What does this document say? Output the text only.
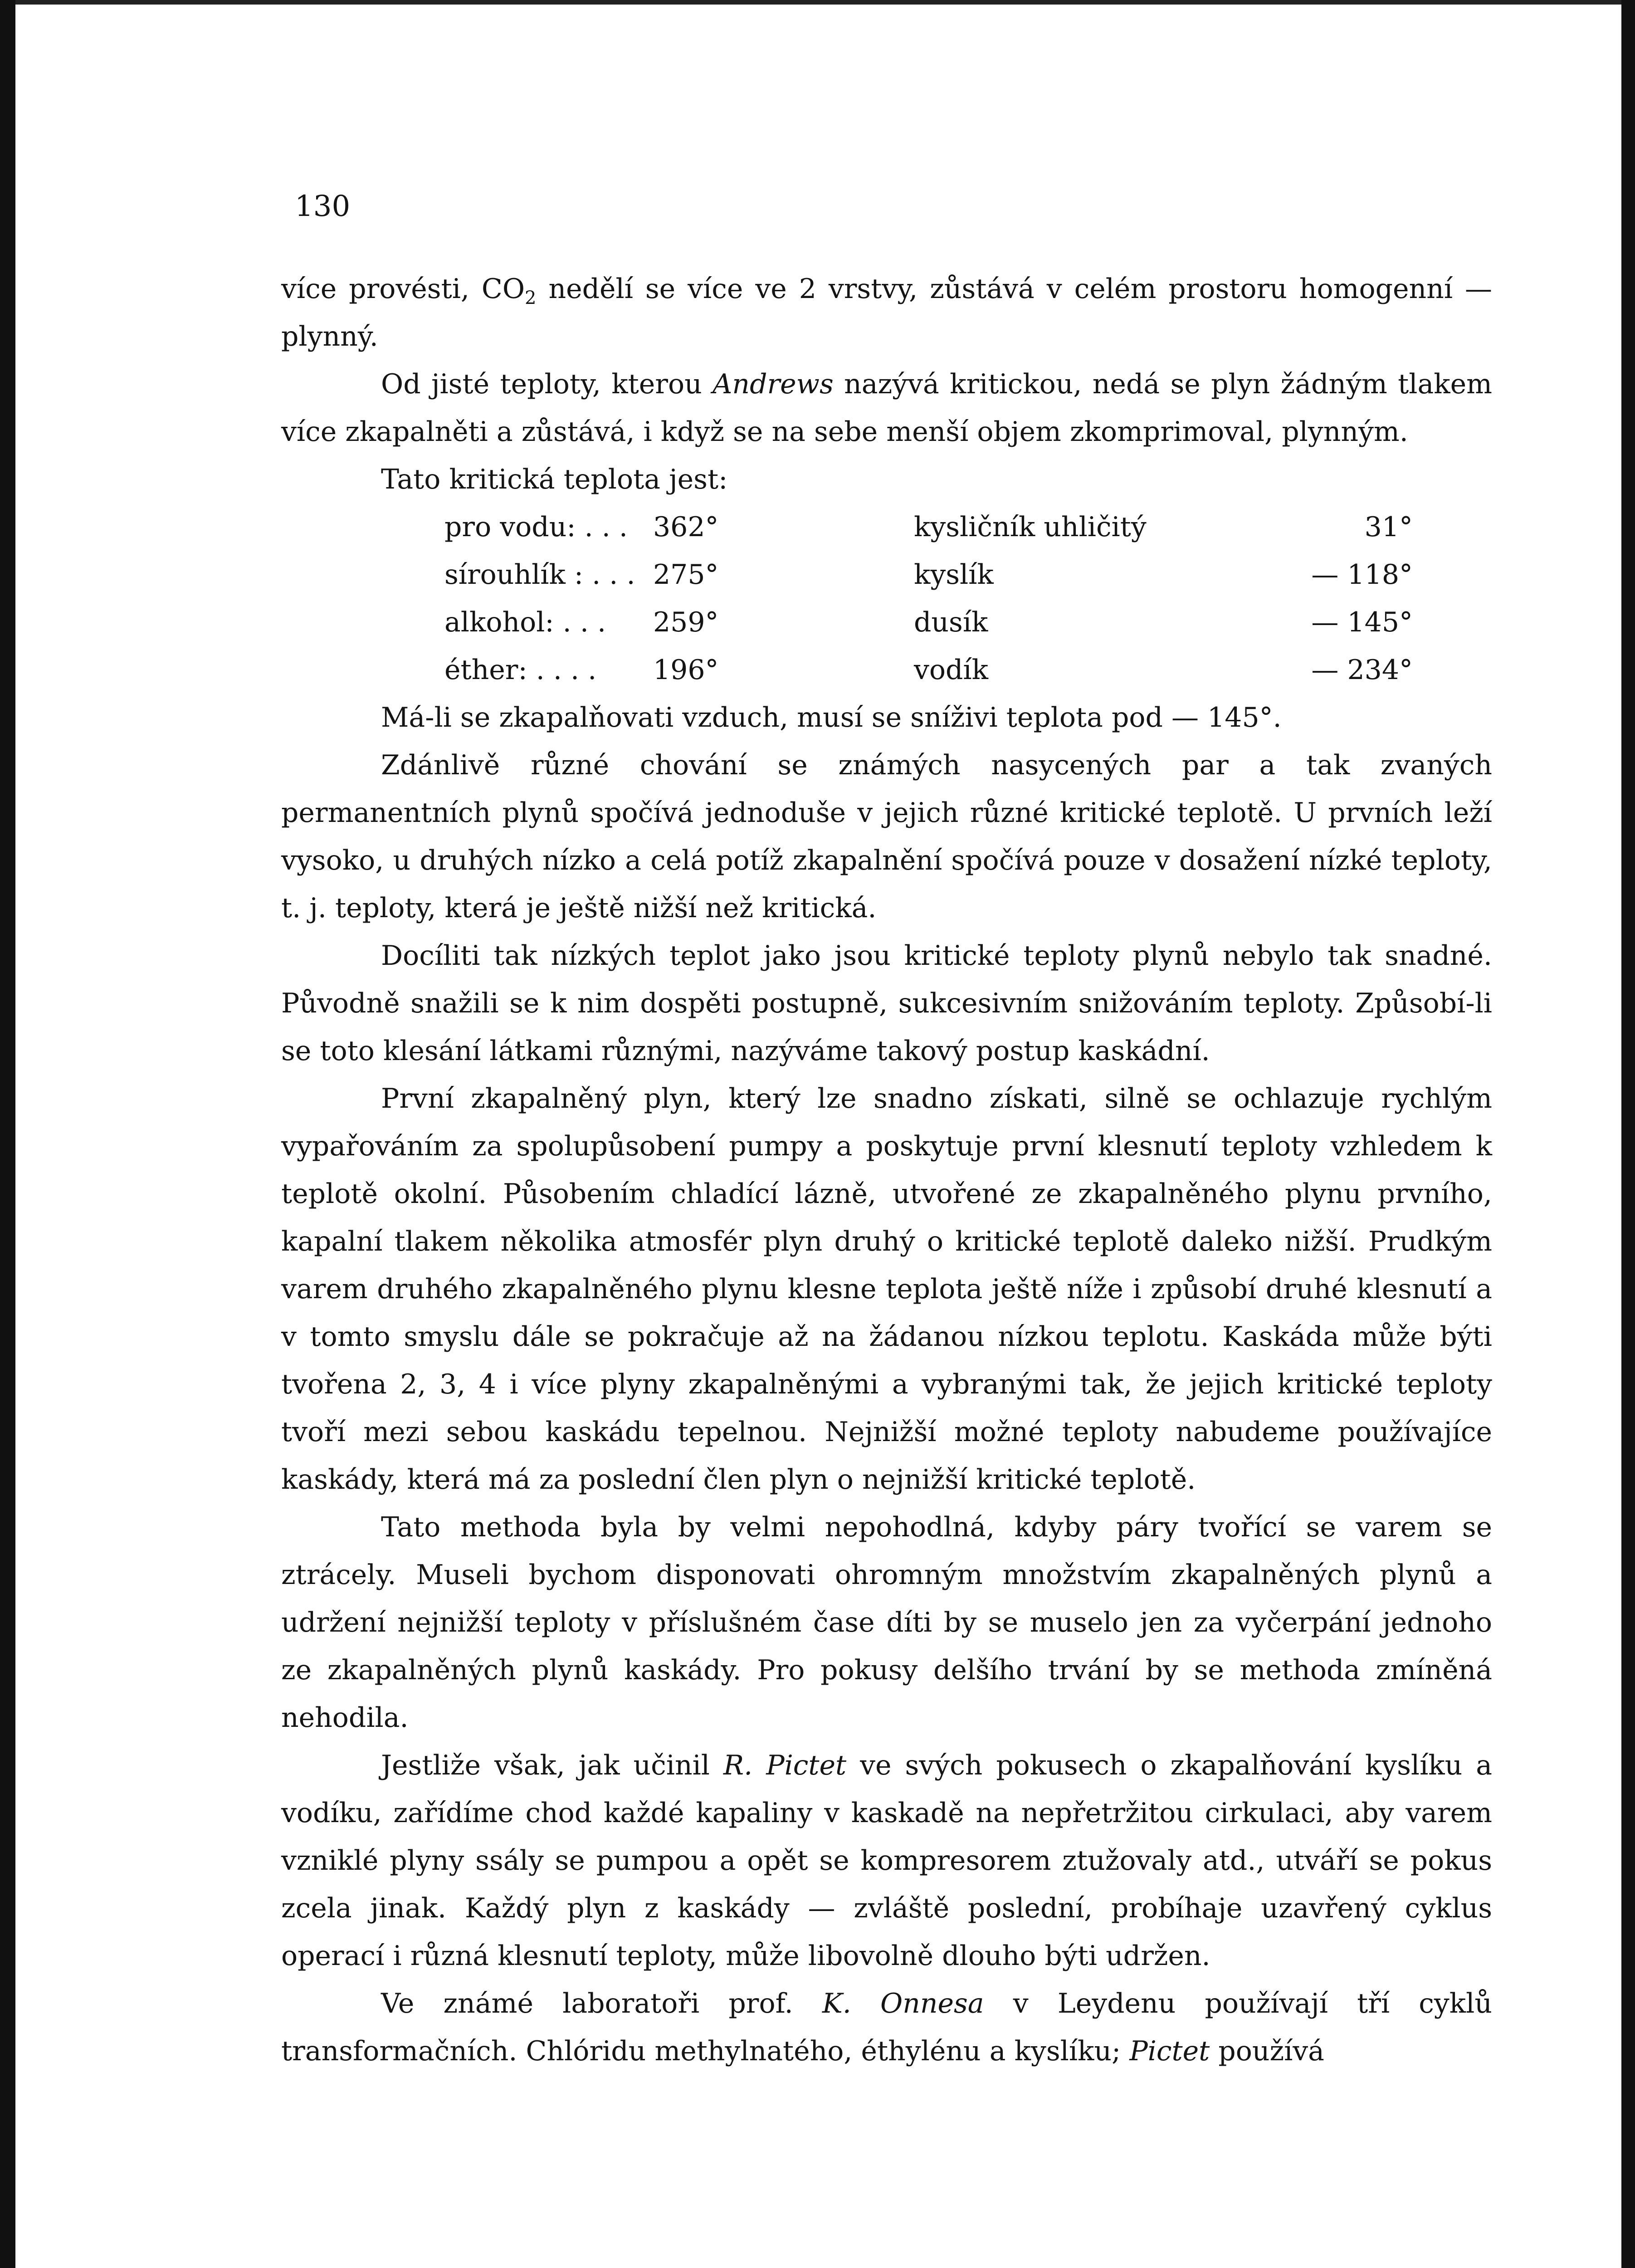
130

více provésti, $CO_2$ nedělí se více ve 2 vrstvy, zůstává v celém prostoru homogenní — plynný.

Od jisté teploty, kterou Andrews nazývá kritickou, nedá se plyn žádným tlakem více zkapalněti a zůstává, i když se na sebe menší objem zkomprimoval, plynným.

Tato kritická teplota jest:

pro vodu: . . . 362°	kysličník uhličitý	31°
sírouhlík : . . . 275°	kyslík	— 118°
alkohol: . . . 259°	dusík	— 145°
éther: . . . . 196°	vodík	— 234°

Má-li se zkapalňovati vzduch, musí se sníživi teplota pod — 145°.

Zdánlivě různé chování se známých nasycených par a tak zvaných permanentních plynů spočívá jednoduše v jejich různé kritické teplotě. U prvních leží vysoko, u druhých nízko a celá potíž zkapalnění spočívá pouze v dosažení nízké teploty, t. j. teploty, která je ještě nižší než kritická.

Docíliti tak nízkých teplot jako jsou kritické teploty plynů nebylo tak snadné. Původně snažili se k nim dospěti postupně, sukcesivním snižováním teploty. Způsobí-li se toto klesání látkami různými, nazýváme takový postup kaskádní.

První zkapalněný plyn, který lze snadno získati, silně se ochlazuje rychlým vypařováním za spolupůsobení pumpy a poskytuje první klesnutí teploty vzhledem k teplotě okolní. Působením chladící lázně, utvořené ze zkapalněného plynu prvního, kapalní tlakem několika atmosfér plyn druhý o kritické teplotě daleko nižší. Prudkým varem druhého zkapalněného plynu klesne teplota ještě níže i způsobí druhé klesnutí a v tomto smyslu dále se pokračuje až na žádanou nízkou teplotu. Kaskáda může býti tvořena 2, 3, 4 i více plyny zkapalněnými a vybranými tak, že jejich kritické teploty tvoří mezi sebou kaskádu tepelnou. Nejnižší možné teploty nabudeme používajíce kaskády, která má za poslední člen plyn o nejnižší kritické teplotě.

Tato methoda byla by velmi nepohodlná, kdyby páry tvořící se varem se ztrácely. Museli bychom disponovati ohromným množstvím zkapalněných plynů a udržení nejnižší teploty v příslušném čase díti by se muselo jen za vyčerpání jednoho ze zkapalněných plynů kaskády. Pro pokusy delšího trvání by se methoda zmíněná nehodila.

Jestliže však, jak učinil R. Pictet ve svých pokusech o zkapalňování kyslíku a vodíku, zařídíme chod každé kapaliny v kaskadě na nepřetržitou cirkulaci, aby varem vzniklé plyny ssály se pumpou a opět se kompresorem ztužovaly atd., utváří se pokus zcela jinak. Každý plyn z kaskády — zvláště poslední, probíhaje uzavřený cyklus operací i různá klesnutí teploty, může libovolně dlouho býti udržen.

Ve známé laboratoři prof. K. Onnesa v Leydenu používají tří cyklů transformačních. Chlóridu methylnatého, éthylénu a kyslíku; Pictet používá
